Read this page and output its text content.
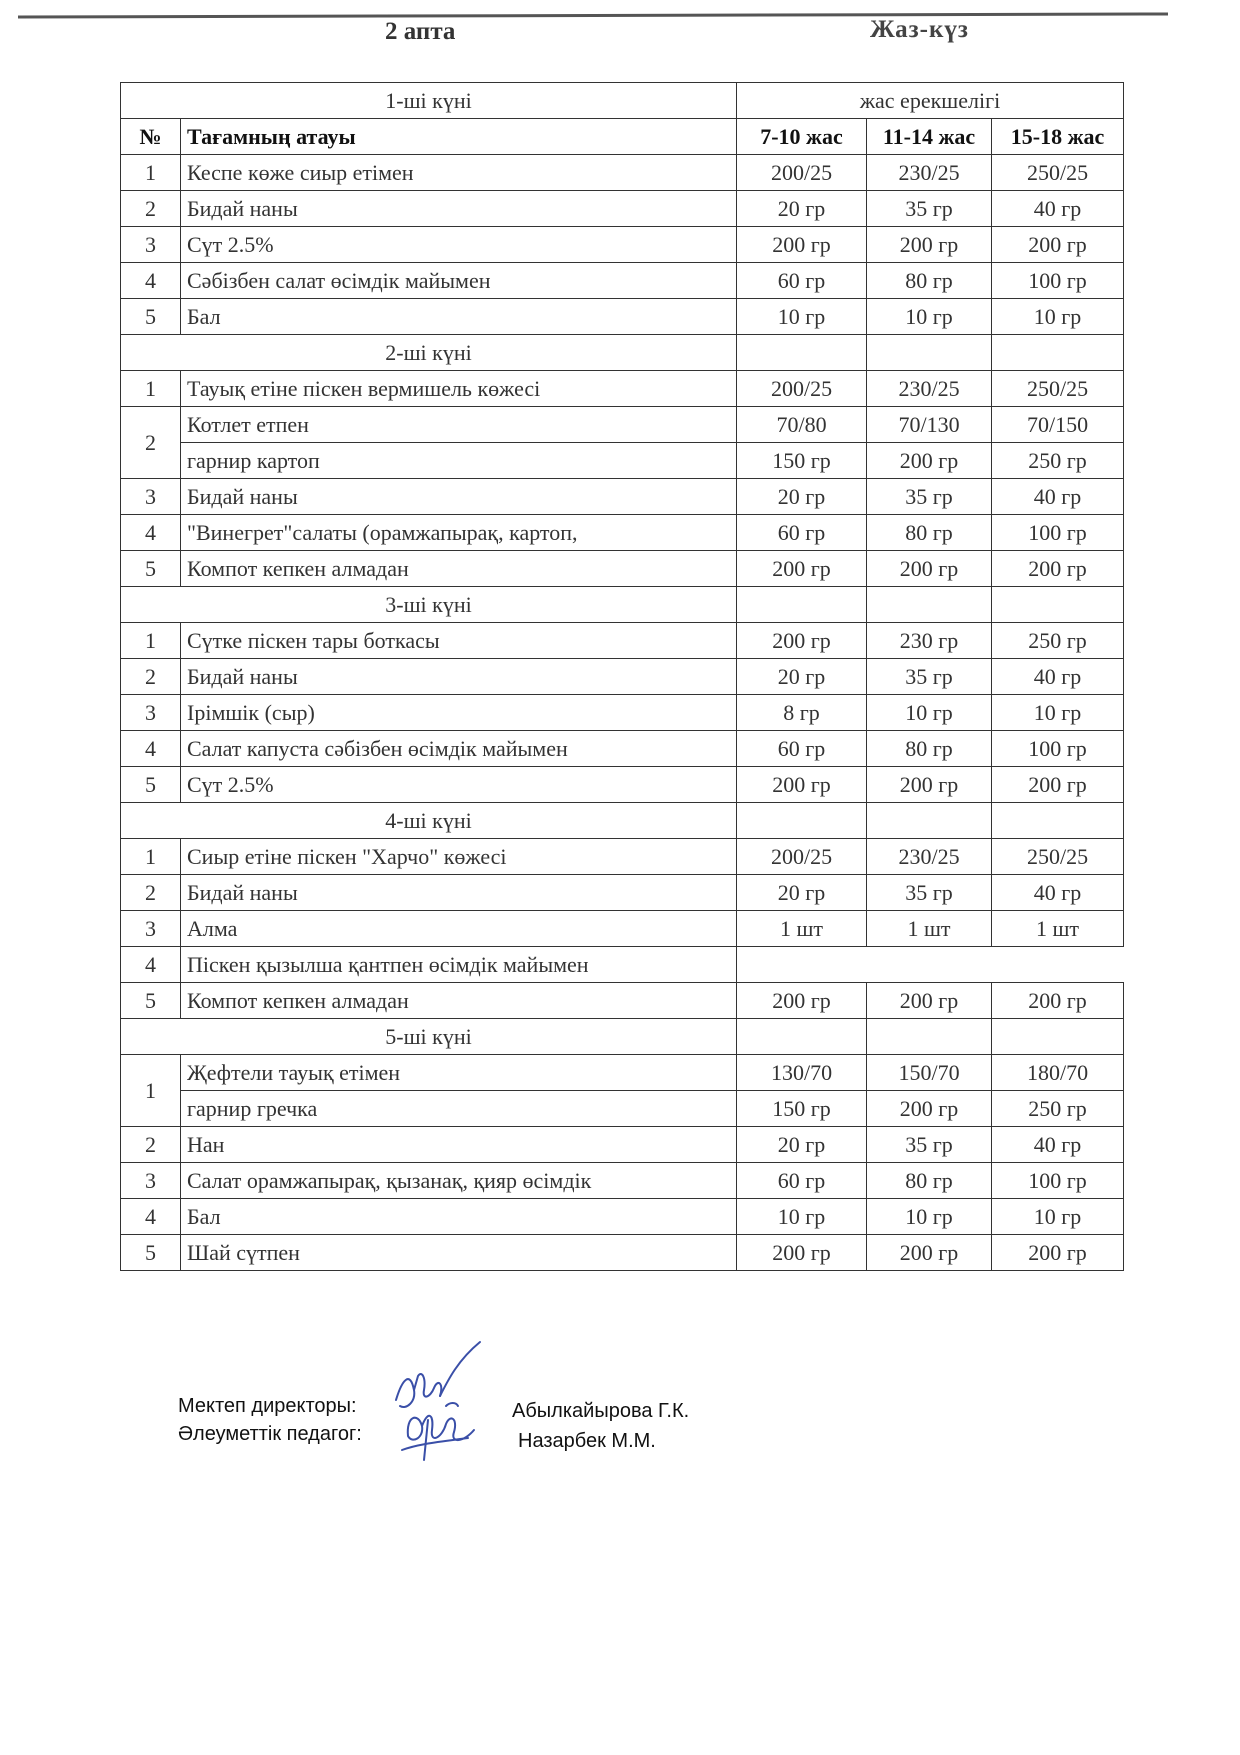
2 апта	Жаз-күз
1-ші күні		жас ерекшелігі		
№	Тағамның атауы	7-10 жас	11-14 жас	15-18 жас
1	Кеспе көже сиыр етімен	200/25	230/25	250/25
2	Бидай наны	20 гр	35 гр	40 гр
3	Сүт 2.5%	200 гр	200 гр	200 гр
4	Сәбізбен салат өсімдік майымен	60 гр	80 гр	100 гр
5	Бал	10 гр	10 гр	10 гр
2-ші күні				
1	Тауық етіне піскен вермишель көжесі	200/25	230/25	250/25
2	Котлет етпен	70/80	70/130	70/150
	гарнир картоп	150 гр	200 гр	250 гр
3	Бидай наны	20 гр	35 гр	40 гр
4	"Винегрет"салаты (орамжапырақ, картоп,	60 гр	80 гр	100 гр
5	Компот кепкен алмадан	200 гр	200 гр	200 гр
3-ші күні				
1	Сүтке піскен тары боткасы	200 гр	230 гр	250 гр
2	Бидай наны	20 гр	35 гр	40 гр
3	Ірімшік (сыр)	8 гр	10 гр	10 гр
4	Салат капуста сәбізбен өсімдік майымен	60 гр	80 гр	100 гр
5	Сүт 2.5%	200 гр	200 гр	200 гр
4-ші күні				
1	Сиыр етіне піскен "Харчо" көжесі	200/25	230/25	250/25
2	Бидай наны	20 гр	35 гр	40 гр
3	Алма	1 шт	1 шт	1 шт
4	Піскен қызылша қантпен өсімдік майымен			
5	Компот кепкен алмадан	200 гр	200 гр	200 гр
5-ші күні				
1	Җефтели тауық етімен	130/70	150/70	180/70
	гарнир гречка	150 гр	200 гр	250 гр
2	Нан	20 гр	35 гр	40 гр
3	Салат орамжапырақ, қызанақ, қияр өсімдік	60 гр	80 гр	100 гр
4	Бал	10 гр	10 гр	10 гр
5	Шай сүтпен	200 гр	200 гр	200 гр
Мектеп директоры:
Әлеуметтік педагог:
Абылкайырова Г.К.
Назарбек М.М.
